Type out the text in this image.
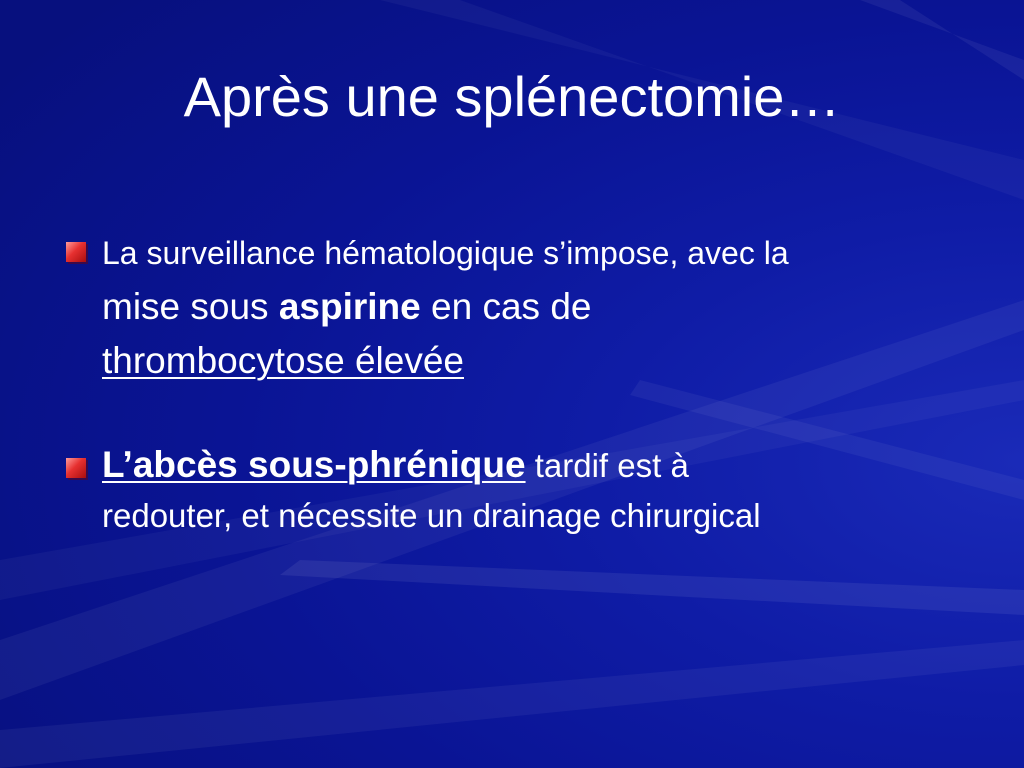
Après une splénectomie…
La surveillance hématologique s’impose, avec la
mise sous aspirine en cas de
thrombocytose élevée
L’abcès sous-phrénique tardif est à
redouter, et nécessite un drainage chirurgical
